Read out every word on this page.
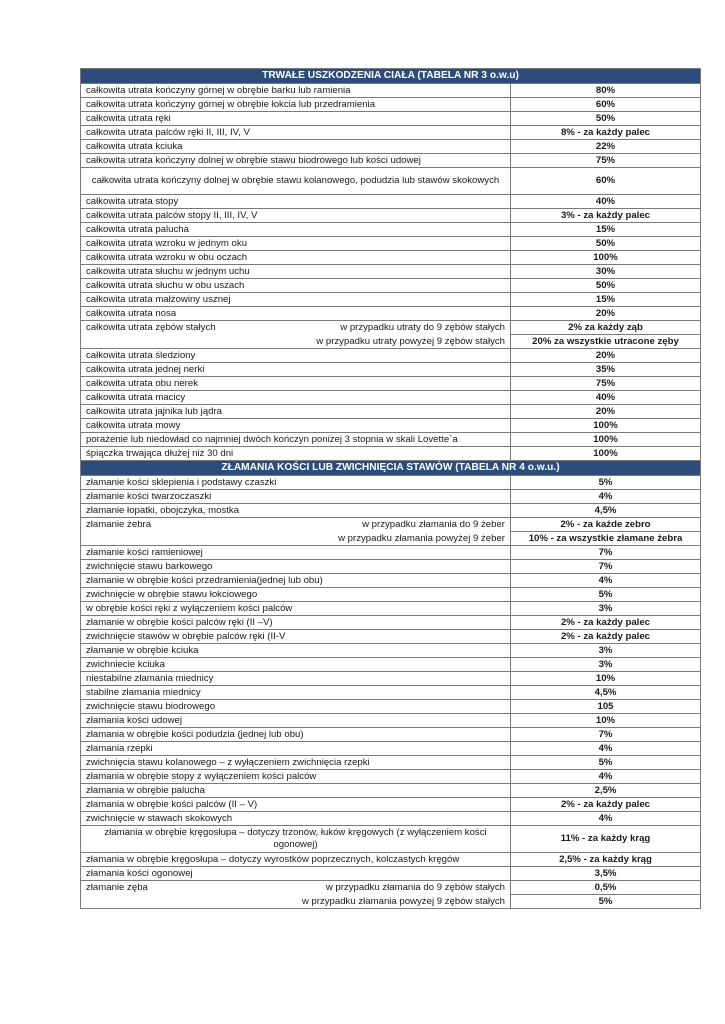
TRWAŁE USZKODZENIA CIAŁA (TABELA NR 3 o.w.u)	
całkowita utrata kończyny górnej w obrębie barku lub ramienia	80%
całkowita utrata kończyny górnej w obrębie łokcia lub przedramienia	60%
całkowita utrata ręki	50%
całkowita utrata palców ręki II, III, IV, V	8% - za każdy palec
całkowita utrata kciuka	22%
całkowita utrata kończyny dolnej w obrębie stawu biodrowego lub kości udowej	75%
całkowita utrata kończyny dolnej w obrębie stawu kolanowego, podudzia lub stawów skokowych	60%
całkowita utrata stopy	40%
całkowita utrata palców stopy II, III, IV, V	3% - za każdy palec
całkowita utrata palucha	15%
całkowita utrata wzroku w jednym oku	50%
całkowita utrata wzroku w obu oczach	100%
całkowita utrata słuchu w jednym uchu	30%
całkowita utrata słuchu w obu uszach	50%
całkowita utrata małżowiny usznej	15%
całkowita utrata nosa	20%

całkowita utrata zębów stałych w przypadku utraty do 9 zębów stałych	2% za każdy ząb
w przypadku utraty powyżej 9 zębów stałych	20% za wszystkie utracone zęby
całkowita utrata śledziony	20%
całkowita utrata jednej nerki	35%
całkowita utrata obu nerek	75%
całkowita utrata macicy	40%
całkowita utrata jajnika lub jądra	20%
całkowita utrata mowy	100%
porażenie lub niedowład co najmniej dwóch kończyn poniżej 3 stopnia w skali Lovette`a	100%
śpiączka trwająca dłużej niż 30 dni	100%
ZŁAMANIA KOŚCI LUB ZWICHNIĘCIA STAWÓW (TABELA NR 4 o.w.u.)	
złamanie kości sklepienia i podstawy czaszki	5%
złamanie kości twarzoczaszki	4%
złamanie łopatki, obojczyka, mostka	4,5%

złamanie żebra w przypadku złamania do 9 żeber	2% - za każde zebro
w przypadku złamania powyżej 9 żeber	10% - za wszystkie złamane żebra
złamanie kości ramieniowej	7%
zwichnięcie stawu barkowego	7%
złamanie w obrębie kości przedramienia(jednej lub obu)	4%
zwichnięcie w obrębie stawu łokciowego	5%
w obrębie kości ręki z wyłączeniem kości palców	3%
złamanie w obrębie kości palców ręki (II –V)	2% - za każdy palec
zwichnięcie stawów w obrębie palców ręki (II-V	2% - za każdy palec
złamanie w obrębie kciuka	3%
zwichniecie kciuka	3%
niestabilne złamania miednicy	10%
stabilne złamania miednicy	4,5%
zwichnięcie stawu biodrowego	105
złamania kości udowej	10%
złamania w obrębie kości podudzia (jednej lub obu)	7%
złamania rzepki	4%
zwichnięcia stawu kolanowego – z wyłączeniem zwichnięcia rzepki	5%
złamania w obrębie stopy z wyłączeniem kości palców	4%
złamania w obrębie palucha	2,5%
złamania w obrębie kości palców (II – V)	2% - za każdy palec
zwichnięcie w stawach skokowych	4%
złamania w obrębie kręgosłupa – dotyczy trzonów, łuków kręgowych (z wyłączeniem kości ogonowej)	11% - za każdy krąg
złamania w obrębie kręgosłupa – dotyczy wyrostków poprzecznych, kolczastych kręgów	2,5% - za każdy krąg
złamania kości ogonowej	3,5%

złamanie zęba w przypadku złamania do 9 zębów stałych	0,5%
w przypadku złamania powyżej 9 zębów stałych	5%
